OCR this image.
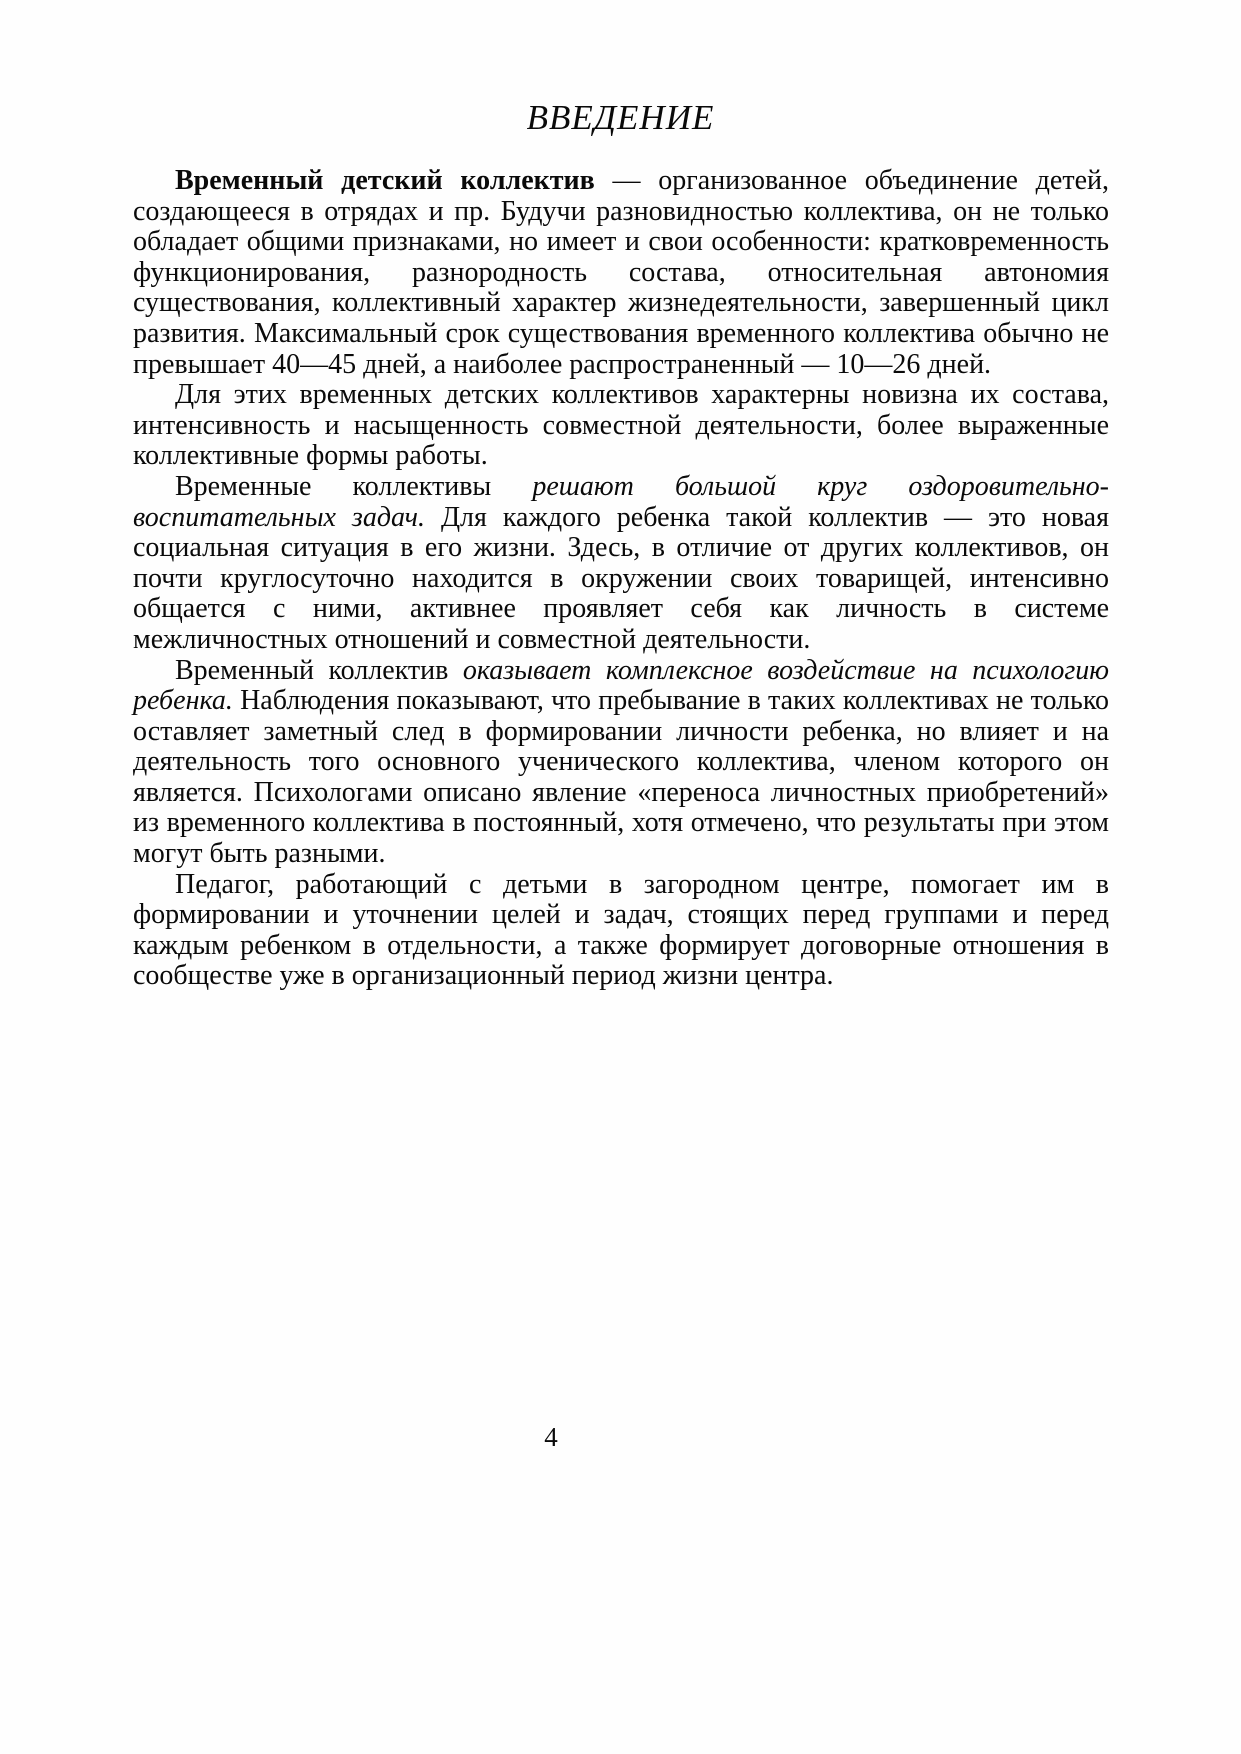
ВВЕДЕНИЕ

Временный детский коллектив — организованное объединение детей, создающееся в отрядах и пр. Будучи разновидностью коллектива, он не только обладает общими признаками, но имеет и свои особенности: кратковременность функционирования, разнородность состава, относительная автономия существования, коллективный характер жизнедеятельности, завершенный цикл развития. Максимальный срок существования временного коллектива обычно не превышает 40—45 дней, а наиболее распространенный — 10—26 дней.

Для этих временных детских коллективов характерны новизна их состава, интенсивность и насыщенность совместной деятельности, более выраженные коллективные формы работы.

Временные коллективы решают большой круг оздоровительно-воспитательных задач. Для каждого ребенка такой коллектив — это новая социальная ситуация в его жизни. Здесь, в отличие от других коллективов, он почти круглосуточно находится в окружении своих товарищей, интенсивно общается с ними, активнее проявляет себя как личность в системе межличностных отношений и совместной деятельности.

Временный коллектив оказывает комплексное воздействие на психологию ребенка. Наблюдения показывают, что пребывание в таких коллективах не только оставляет заметный след в формировании личности ребенка, но влияет и на деятельность того основного ученического коллектива, членом которого он является. Психологами описано явление «переноса личностных приобретений» из временного коллектива в постоянный, хотя отмечено, что результаты при этом могут быть разными.

Педагог, работающий с детьми в загородном центре, помогает им в формировании и уточнении целей и задач, стоящих перед группами и перед каждым ребенком в отдельности, а также формирует договорные отношения в сообществе уже в организационный период жизни центра.

4
